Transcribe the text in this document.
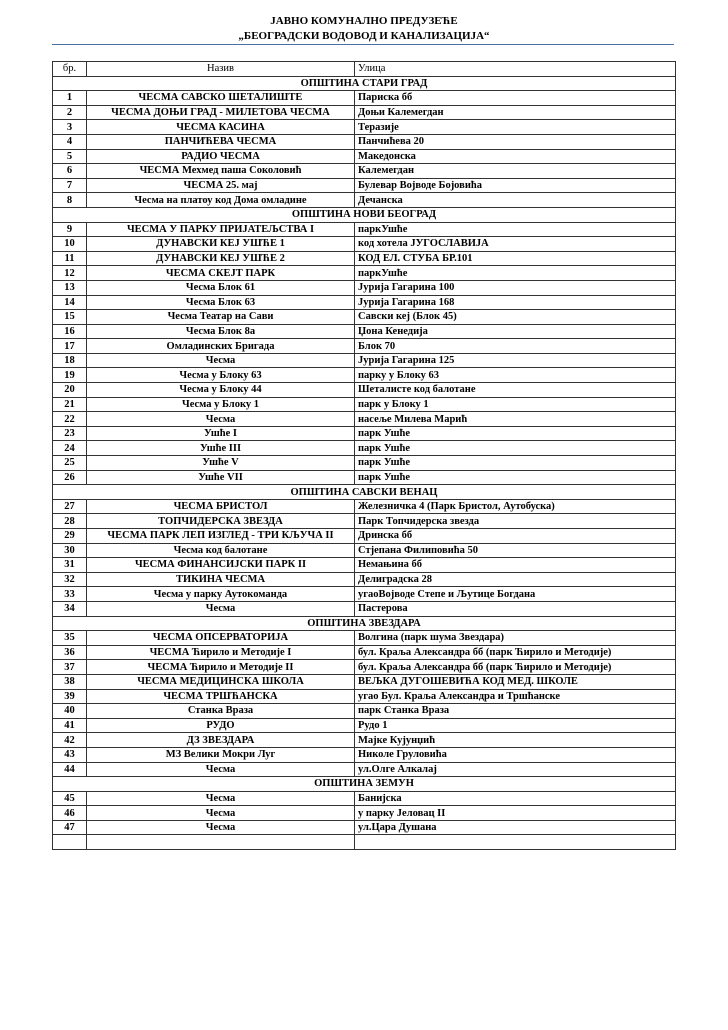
ЈАВНО КОМУНАЛНО ПРЕДУЗЕЋЕ
„БЕОГРАДСКИ ВОДОВОД И КАНАЛИЗАЦИЈА“
бр.	Назив	Улица
ОПШТИНА СТАРИ ГРАД		
1	ЧЕСМА САВСКО ШЕТАЛИШТЕ	Париска бб
2	ЧЕСМА ДОЊИ ГРАД - МИЛЕТОВА ЧЕСМА	Доњи Калемегдан
3	ЧЕСМА КАСИНА	Теразије
4	ПАНЧИЋЕВА ЧЕСМА	Панчићева 20
5	РАДИО ЧЕСМА	Македонска
6	ЧЕСМА Мехмед паша Соколовић	Калемегдан
7	ЧЕСМА 25. мај	Булевар Војводе Бојовића
8	Чесма на платоу код Дома омладине	Дечанска
ОПШТИНА НОВИ БЕОГРАД		
9	ЧЕСМА У ПАРКУ ПРИЈАТЕЉСТВА I	паркУшће
10	ДУНАВСКИ КЕЈ УШЋЕ 1	код хотела ЈУГОСЛАВИЈА
11	ДУНАВСКИ КЕЈ УШЋЕ 2	КОД ЕЛ. СТУБА БР.101
12	ЧЕСМА СКЕЈТ ПАРК	паркУшће
13	Чесма Блок 61	Јурија Гагарина 100
14	Чесма Блок 63	Јурија Гагарина 168
15	Чесма Театар на Сави	Савски кеј (Блок 45)
16	Чесма Блок 8а	Џона Кенедија
17	Омладинских Бригада	Блок 70
18	Чесма	Јурија Гагарина 125
19	Чесма у Блоку 63	парку у Блоку 63
20	Чесма у Блоку 44	Шеталисте код балотане
21	Чесма у Блоку 1	парк у Блоку 1
22	Чесма	насеље Милева Марић
23	Ушће I	парк Ушће
24	Ушће III	парк Ушће
25	Ушће V	парк Ушће
26	Ушће VII	парк Ушће
ОПШТИНА САВСКИ ВЕНАЦ		
27	ЧЕСМА БРИСТОЛ	Железничка 4 (Парк Бристол, Аутобуска)
28	ТОПЧИДЕРСКА ЗВЕЗДА	Парк Топчидерска звезда
29	ЧЕСМА ПАРК ЛЕП ИЗГЛЕД - ТРИ КЉУЧА II	Дринска бб
30	Чесма код балотане	Стјепана Филиповића 50
31	ЧЕСМА ФИНАНСИЈСКИ ПАРК II	Немањина бб
32	ТИКИНА ЧЕСМА	Делиградска 28
33	Чесма у парку Аутокоманда	угаоВојводе Степе и Љутице Богдана
34	Чесма	Пастерова
ОПШТИНА ЗВЕЗДАРА		
35	ЧЕСМА ОПСЕРВАТОРИЈА	Волгина (парк шума Звездара)
36	ЧЕСМА Ћирило и Методије I	бул. Краља Александра бб (парк Ћирило и Методије)
37	ЧЕСМА Ћирило и Методије II	бул. Краља Александра бб (парк Ћирило и Методије)
38	ЧЕСМА МЕДИЦИНСКА ШКОЛА	ВЕЉКА ДУГОШЕВИЋА КОД МЕД. ШКОЛЕ
39	ЧЕСМА ТРШЋАНСКА	угао Бул. Краља Александра и Тршћанске
40	Станка Враза	парк Станка Враза
41	РУДО	Рудо 1
42	ДЗ ЗВЕЗДАРА	Мајке Кујунџић
43	МЗ Велики Мокри Луг	Николе Груловића
44	Чесма	ул.Олге Алкалај
ОПШТИНА ЗЕМУН		
45	Чесма	Банијска
46	Чесма	у парку Јеловац II
47	Чесма	ул.Цара Душана
